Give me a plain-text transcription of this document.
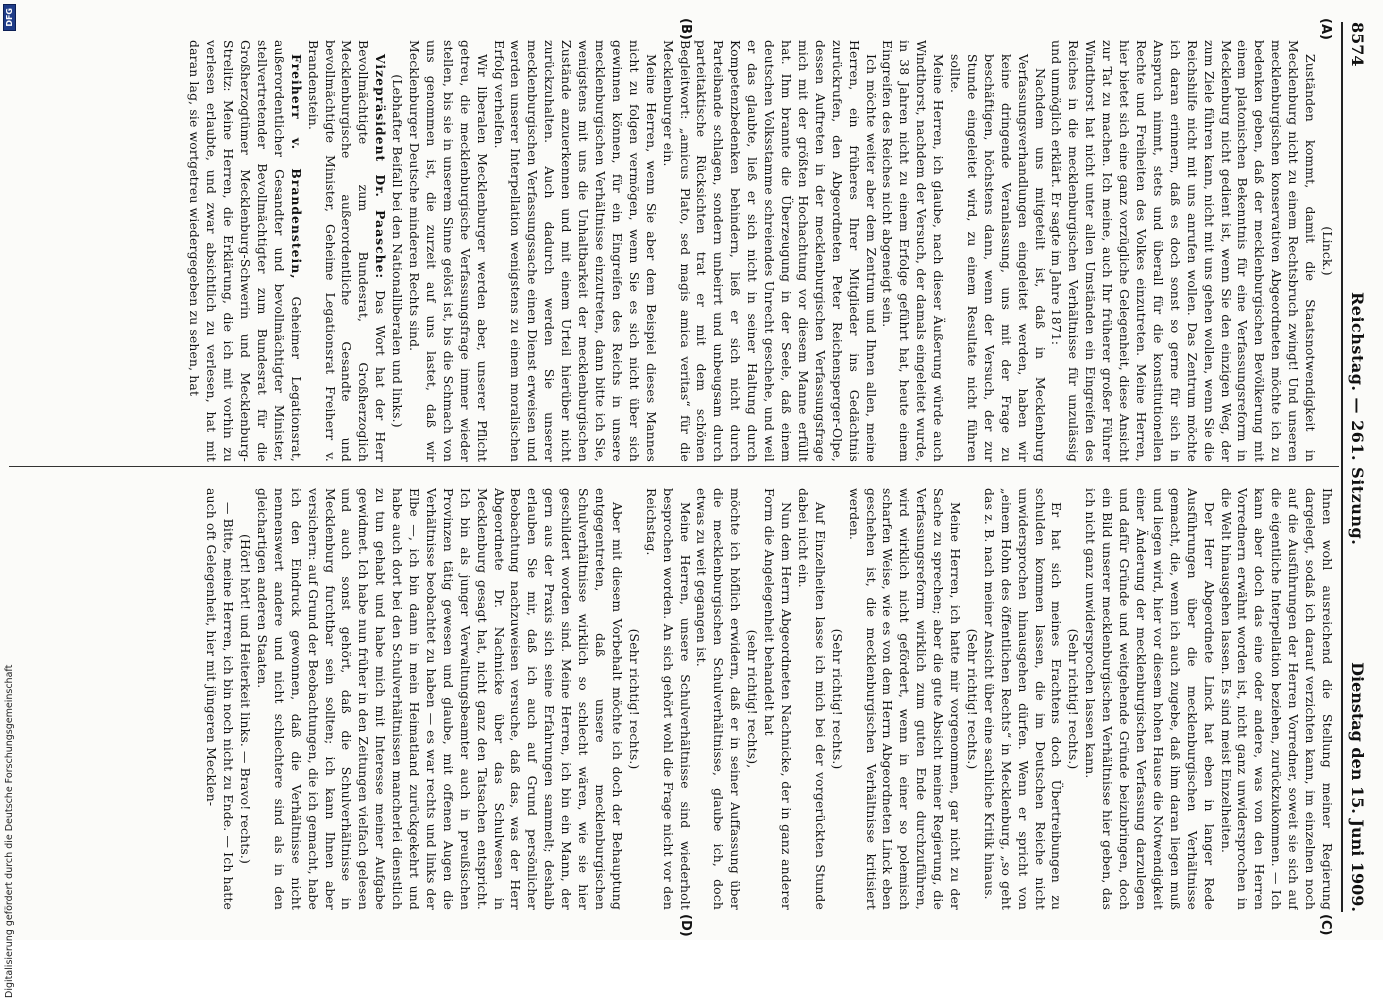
8574
Reichstag. — 261. Sitzung.
Dienstag den 15. Juni 1909.
(A)
(B)
(C)
(D)

(Linck.)

Zuständen kommt, damit die Staatsnotwendigkeit in Mecklenburg nicht zu einem Rechtsbruch zwingt! Und unseren mecklenburgischen konservativen Abgeordneten möchte ich zu bedenken geben, daß der mecklenburgischen Bevölkerung mit einem platonischen Bekenntnis für eine Verfassungsreform in Mecklenburg nicht gedient ist, wenn Sie den einzigen Weg, der zum Ziele führen kann, nicht mit uns gehen wollen, wenn Sie die Reichshilfe nicht mit uns anrufen wollen. Das Zentrum möchte ich daran erinnern, daß es doch sonst so gerne für sich in Anspruch nimmt, stets und überall für die konstitutionellen Rechte und Freiheiten des Volkes einzutreten. Meine Herren, hier bietet sich eine ganz vorzügliche Gelegenheit, diese Ansicht zur Tat zu machen. Ich meine, auch Ihr früherer großer Führer Windthorst hat nicht unter allen Umständen ein Eingreifen des Reiches in die mecklenburgischen Verhältnisse für unzulässig und unmöglich erklärt. Er sagte im Jahre 1871:

Nachdem uns mitgeteilt ist, daß in Mecklenburg Verfassungsverhandlungen eingeleitet werden, haben wir keine dringende Veranlassung, uns mit der Frage zu beschäftigen, höchstens dann, wenn der Versuch, der zur Stunde eingeleitet wird, zu einem Resultate nicht führen sollte.

Meine Herren, ich glaube, nach dieser Äußerung würde auch Windthorst, nachdem der Versuch, der damals eingeleitet wurde, in 38 Jahren nicht zu einem Erfolge geführt hat, heute einem Eingreifen des Reiches nicht abgeneigt sein.

Ich möchte weiter aber dem Zentrum und Ihnen allen, meine Herren, ein früheres Ihrer Mitglieder ins Gedächtnis zurückrufen, den Abgeordneten Peter Reichensperger-Olpe, dessen Auftreten in der mecklenburgischen Verfassungsfrage mich mit der größten Hochachtung vor diesem Manne erfüllt hat. Ihm brannte die Überzeugung in der Seele, daß einem deutschen Volksstamme schreiendes Unrecht geschehe, und weil er das glaubte, ließ er sich nicht in seiner Haltung durch Kompetenzbedenken behindern, ließ er sich nicht durch Parteibande schlagen, sondern unbeirrt und unbeugsam durch parteitaktische Rücksichten trat er mit dem schönen Begleitwort: „amicus Plato, sed magis amica veritas“ für die Mecklenburger ein.

Meine Herren, wenn Sie aber dem Beispiel dieses Mannes nicht zu folgen vermögen, wenn Sie es sich nicht über sich gewinnen können, für ein Eingreifen des Reichs in unsere mecklenburgischen Verhältnisse einzutreten, dann bitte ich Sie, wenigstens mit uns die Unhaltbarkeit der mecklenburgischen Zustände anzuerkennen und mit einem Urteil hierüber nicht zurückzuhalten. Auch dadurch werden Sie unserer mecklenburgischen Verfassungssache einen Dienst erweisen und werden unserer Interpellation wenigstens zu einem moralischen Erfolg verhelfen.

Wir liberalen Mecklenburger werden aber, unserer Pflicht getreu, die mecklenburgische Verfassungsfrage immer wieder stellen, bis sie in unserem Sinne gelöst ist, bis die Schmach von uns genommen ist, die zurzeit auf uns lastet, daß wir Mecklenburger Deutsche minderen Rechts sind.

(Lebhafter Beifall bei den Nationalliberalen und links.)

Vizepräsident Dr. Paasche: Das Wort hat der Herr Bevollmächtigte zum Bundesrat, Großherzoglich Mecklenburgische außerordentliche Gesandte und bevollmächtigte Minister, Geheime Legationsrat Freiherr v. Brandenstein.

Freiherr v. Brandenstein, Geheimer Legationsrat, außerordentlicher Gesandter und bevollmächtigter Minister, stellvertretender Bevollmächtigter zum Bundesrat für die Großherzogtümer Mecklenburg-Schwerin und Mecklenburg-Strelitz: Meine Herren, die Erklärung, die ich mit vorhin zu verlesen erlaubte, und zwar absichtlich zu verlesen, hat mit daran lag, sie wortgetreu wiedergegeben zu sehen, hat

Ihnen wohl ausreichend die Stellung meiner Regierung dargelegt, sodaß ich darauf verzichten kann, im einzelnen noch auf die Ausführungen der Herren Vorredner, soweit sie sich auf die eigentliche Interpellation beziehen, zurückzukommen. — Ich kann aber doch das eine oder andere, was von den Herren Vorrednern erwähnt worden ist, nicht ganz unwidersprochen in die Welt hinausgehen lassen. Es sind meist Einzelheiten.

Der Herr Abgeordnete Linck hat eben in langer Rede Ausführungen über die mecklenburgischen Verhältnisse gemacht, die, wenn ich auch zugebe, daß ihm daran liegen muß und liegen wird, hier vor diesem hohen Hause die Notwendigkeit einer Änderung der mecklenburgischen Verfassung darzulegen und dafür Gründe und weitgehende Gründe beizubringen, doch ein Bild unserer mecklenburgischen Verhältnisse hier geben, das ich nicht ganz unwidersprochen lassen kann.

(Sehr richtig! rechts.)

Er hat sich meines Erachtens doch Übertreibungen zu schulden kommen lassen, die im Deutschen Reiche nicht unwidersprochen hinausgehen dürfen. Wenn er spricht von „einem Hohn des öffentlichen Rechts“ in Mecklenburg, „so geht das z. B. nach meiner Ansicht über eine sachliche Kritik hinaus.

(Sehr richtig! rechts.)

Meine Herren, ich hatte mir vorgenommen, gar nicht zu der Sache zu sprechen; aber die gute Absicht meiner Regierung, die Verfassungsreform wirklich zum guten Ende durchzuführen, wird wirklich nicht gefördert, wenn in einer so polemisch scharfen Weise, wie es von dem Herrn Abgeordneten Linck eben geschehen ist, die mecklenburgischen Verhältnisse kritisiert werden.

(Sehr richtig! rechts.)

Auf Einzelheiten lasse ich mich bei der vorgerückten Stunde dabei nicht ein.

Nun dem Herrn Abgeordneten Nachnicke, der in ganz anderer Form die Angelegenheit behandelt hat

(sehr richtig! rechts),

möchte ich höflich erwidern, daß er in seiner Auffassung über die mecklenburgischen Schulverhältnisse, glaube ich, doch etwas zu weit gegangen ist.

Meine Herren, unsere Schulverhältnisse sind wiederholt besprochen worden. An sich gehört wohl die Frage nicht vor den Reichstag.

(Sehr richtig! rechts.)

Aber mit diesem Vorbehalt möchte ich doch der Behauptung entgegentreten, daß unsere mecklenburgischen Schulverhältnisse wirklich so schlecht wären, wie sie hier geschildert worden sind. Meine Herren, ich bin ein Mann, der gern aus der Praxis sich seine Erfahrungen sammelt; deshalb erlauben Sie mir, daß ich auch auf Grund persönlicher Beobachtung nachzuweisen versuche, daß das, was der Herr Abgeordnete Dr. Nachnicke über das Schulwesen in Mecklenburg gesagt hat, nicht ganz den Tatsachen entspricht. Ich bin als junger Verwaltungsbeamter auch in preußischen Provinzen tätig gewesen und glaube, mit offenen Augen die Verhältnisse beobachtet zu haben — es war rechts und links der Elbe —, ich bin dann in mein Heimatland zurückgekehrt und habe auch dort bei den Schulverhältnissen mancherlei dienstlich zu tun gehabt und habe mich mit Interesse meiner Aufgabe gewidmet. Ich habe nun früher in den Zeitungen vielfach gelesen und auch sonst gehört, daß die Schulverhältnisse in Mecklenburg furchtbar sein sollten; ich kann Ihnen aber versichern: auf Grund der Beobachtungen, die ich gemacht, habe ich den Eindruck gewonnen, daß die Verhältnisse nicht nennenswert andere und nicht schlechtere sind als in den gleichartigen anderen Staaten.

(Hört! hört! und Heiterkeit links. — Bravo! rechts.)

— Bitte, meine Herren, ich bin noch nicht zu Ende. — Ich hatte auch oft Gelegenheit, hier mit jüngeren Mecklen-

Digitalisierung gefördert durch die Deutsche Forschungsgemeinschaft
DFG
